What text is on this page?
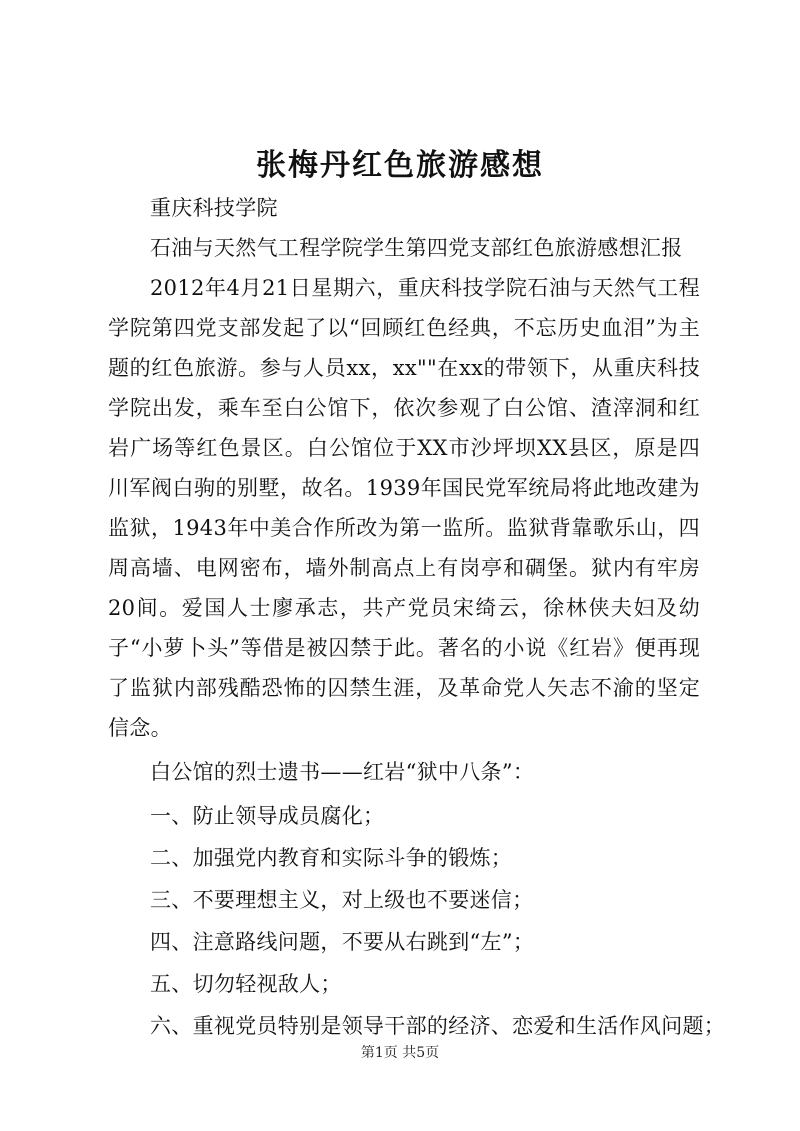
张梅丹红色旅游感想

重庆科技学院

石油与天然气工程学院学生第四党支部红色旅游感想汇报

2012年4月21日星期六，重庆科技学院石油与天然气工程学院第四党支部发起了以“回顾红色经典，不忘历史血泪”为主题的红色旅游。参与人员xx，xx""在xx的带领下，从重庆科技学院出发，乘车至白公馆下，依次参观了白公馆、渣滓洞和红岩广场等红色景区。白公馆位于XX市沙坪坝XX县区，原是四川军阀白驹的别墅，故名。1939年国民党军统局将此地改建为监狱，1943年中美合作所改为第一监所。监狱背靠歌乐山，四周高墙、电网密布，墙外制高点上有岗亭和碉堡。狱内有牢房20间。爱国人士廖承志，共产党员宋绮云，徐林侠夫妇及幼子“小萝卜头”等借是被囚禁于此。著名的小说《红岩》便再现了监狱内部残酷恐怖的囚禁生涯，及革命党人矢志不渝的坚定信念。

白公馆的烈士遗书——红岩“狱中八条”：

一、防止领导成员腐化；

二、加强党内教育和实际斗争的锻炼；

三、不要理想主义，对上级也不要迷信；

四、注意路线问题，不要从右跳到“左”；

五、切勿轻视敌人；

六、重视党员特别是领导干部的经济、恋爱和生活作风问题；

第1页 共5页
